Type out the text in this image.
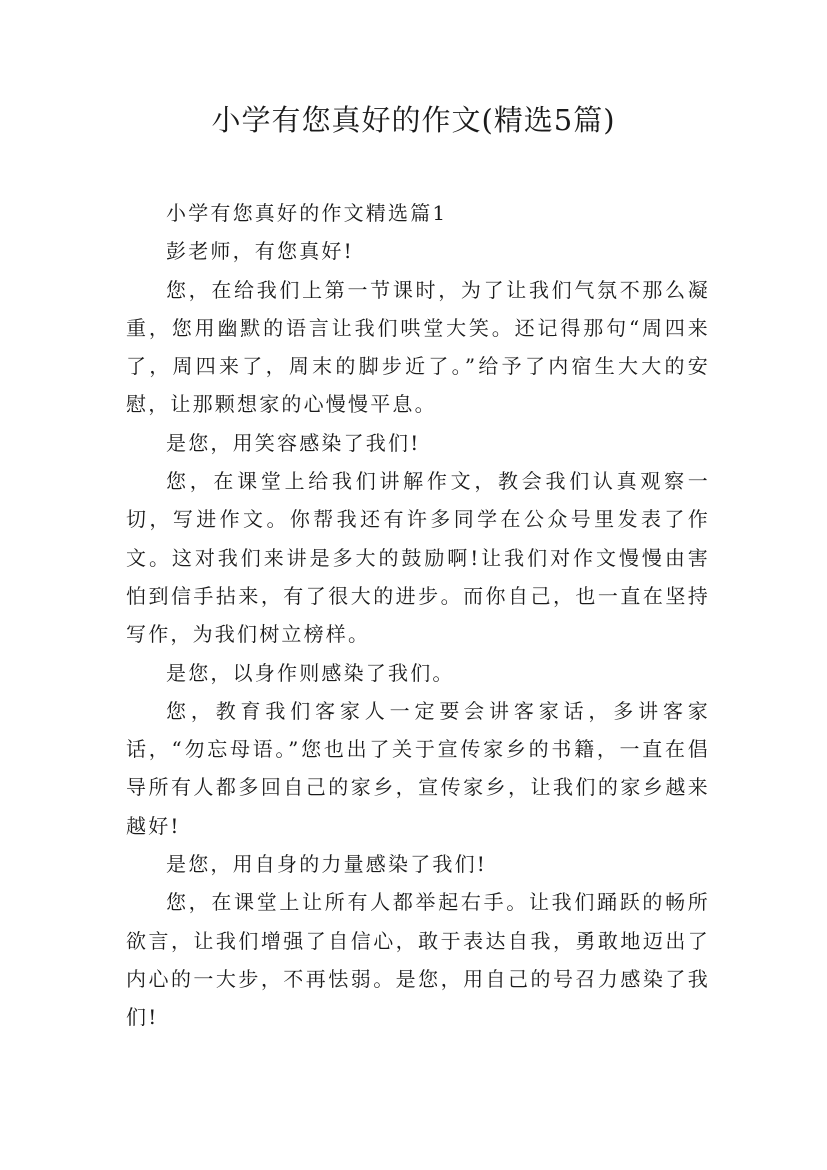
小学有您真好的作文(精选5篇)

小学有您真好的作文精选篇1

彭老师，有您真好!

您，在给我们上第一节课时，为了让我们气氛不那么凝重，您用幽默的语言让我们哄堂大笑。还记得那句“周四来了，周四来了，周末的脚步近了。”给予了内宿生大大的安慰，让那颗想家的心慢慢平息。

是您，用笑容感染了我们!

您，在课堂上给我们讲解作文，教会我们认真观察一切，写进作文。你帮我还有许多同学在公众号里发表了作文。这对我们来讲是多大的鼓励啊!让我们对作文慢慢由害怕到信手拈来，有了很大的进步。而你自己，也一直在坚持写作，为我们树立榜样。

是您，以身作则感染了我们。

您，教育我们客家人一定要会讲客家话，多讲客家话，“勿忘母语。”您也出了关于宣传家乡的书籍，一直在倡导所有人都多回自己的家乡，宣传家乡，让我们的家乡越来越好!

是您，用自身的力量感染了我们!

您，在课堂上让所有人都举起右手。让我们踊跃的畅所欲言，让我们增强了自信心，敢于表达自我，勇敢地迈出了内心的一大步，不再怯弱。是您，用自己的号召力感染了我们!
